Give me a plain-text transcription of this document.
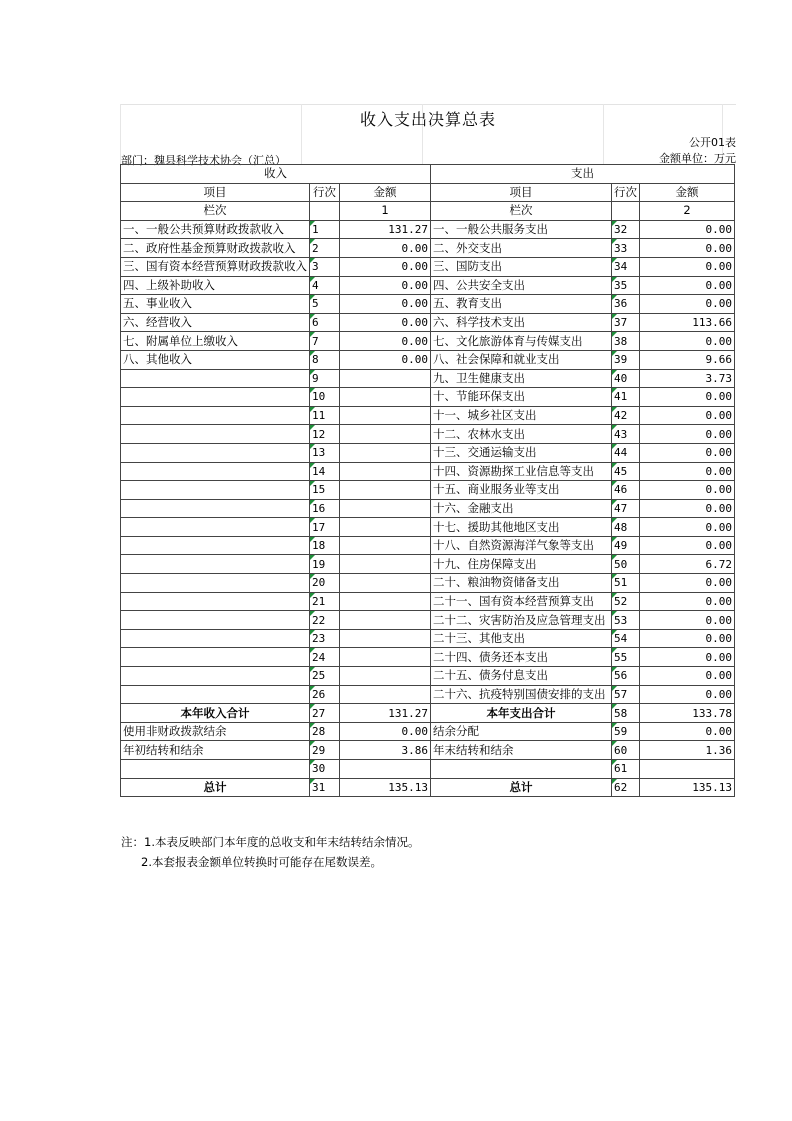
收入支出决算总表
公开01表
部门：魏县科学技术协会（汇总）	金额单位：万元
收入			支出		
项目	行次	金额	项目	行次	金额
栏次		1	栏次		2
一、一般公共预算财政拨款收入	1	131.27	一、一般公共服务支出	32	0.00
二、政府性基金预算财政拨款收入	2	0.00	二、外交支出	33	0.00
三、国有资本经营预算财政拨款收入	3	0.00	三、国防支出	34	0.00
四、上级补助收入	4	0.00	四、公共安全支出	35	0.00
五、事业收入	5	0.00	五、教育支出	36	0.00
六、经营收入	6	0.00	六、科学技术支出	37	113.66
七、附属单位上缴收入	7	0.00	七、文化旅游体育与传媒支出	38	0.00
八、其他收入	8	0.00	八、社会保障和就业支出	39	9.66
	9		九、卫生健康支出	40	3.73
	10		十、节能环保支出	41	0.00
	11		十一、城乡社区支出	42	0.00
	12		十二、农林水支出	43	0.00
	13		十三、交通运输支出	44	0.00
	14		十四、资源勘探工业信息等支出	45	0.00
	15		十五、商业服务业等支出	46	0.00
	16		十六、金融支出	47	0.00
	17		十七、援助其他地区支出	48	0.00
	18		十八、自然资源海洋气象等支出	49	0.00
	19		十九、住房保障支出	50	6.72
	20		二十、粮油物资储备支出	51	0.00
	21		二十一、国有资本经营预算支出	52	0.00
	22		二十二、灾害防治及应急管理支出	53	0.00
	23		二十三、其他支出	54	0.00
	24		二十四、债务还本支出	55	0.00
	25		二十五、债务付息支出	56	0.00
	26		二十六、抗疫特别国债安排的支出	57	0.00
本年收入合计	27	131.27	本年支出合计	58	133.78
使用非财政拨款结余	28	0.00	结余分配	59	0.00
年初结转和结余	29	3.86	年末结转和结余	60	1.36
	30			61	
总计	31	135.13	总计	62	135.13
注：1.本表反映部门本年度的总收支和年末结转结余情况。
2.本套报表金额单位转换时可能存在尾数误差。
